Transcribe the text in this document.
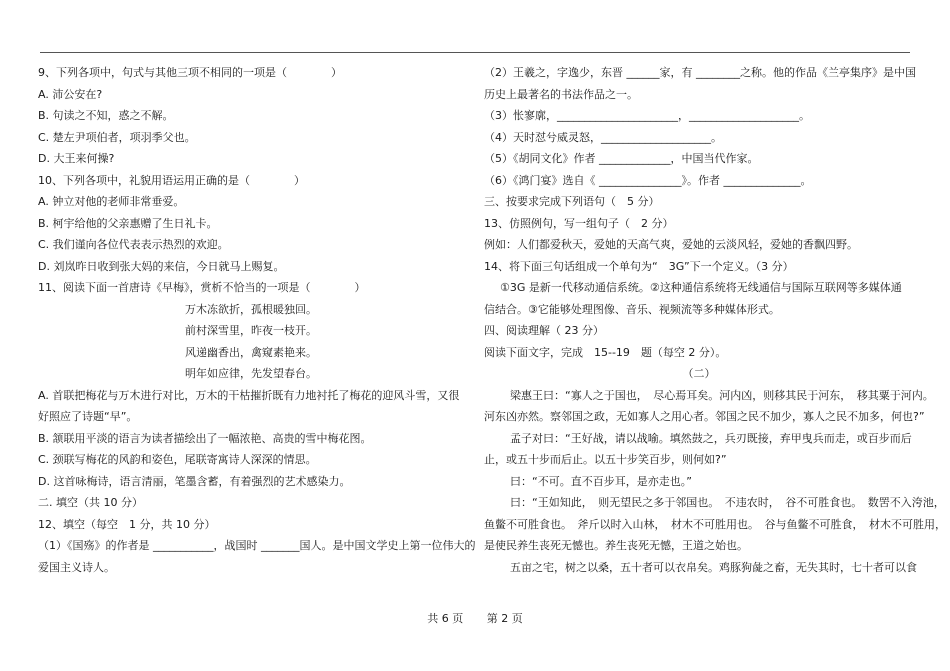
9、下列各项中，句式与其他三项不相同的一项是（　　　　）
A. 沛公安在?
B. 句读之不知，惑之不解。
C. 楚左尹项伯者，项羽季父也。
D. 大王来何操?
10、下列各项中，礼貌用语运用正确的是（　　　　）
A. 钟立对他的老师非常垂爱。
B. 柯宇给他的父亲惠赠了生日礼卡。
C. 我们谨向各位代表表示热烈的欢迎。
D. 刘岚昨日收到张大妈的来信，今日就马上赐复。
11、阅读下面一首唐诗《早梅》，赏析不恰当的一项是（　　　　）
万木冻欲折，孤根暖独回。
前村深雪里，昨夜一枝开。
风递幽香出，禽窥素艳来。
明年如应律，先发望春台。
A. 首联把梅花与万木进行对比，万木的干枯摧折既有力地衬托了梅花的迎风斗雪，又很
好照应了诗题“早”。
B. 颔联用平淡的语言为读者描绘出了一幅浓艳、高贵的雪中梅花图。
C. 颈联写梅花的风韵和姿色，尾联寄寓诗人深深的情思。
D. 这首咏梅诗，语言清丽，笔墨含蓄，有着强烈的艺术感染力。
二. 填空（共 10 分）
12、填空（每空　1 分，共 10 分）
（1）《国殇》的作者是 ___________，战国时 _______国人。是中国文学史上第一位伟大的
爱国主义诗人。
（2）王羲之，字逸少，东晋 ______家，有 ________之称。他的作品《兰亭集序》是中国
历史上最著名的书法作品之一。
（3）怅寥廓，______________________，____________________。
（4）天时怼兮威灵怒，____________________。
（5）《胡同文化》作者 _____________，中国当代作家。
（6）《鸿门宴》选自《 _______________》。作者 ______________。
三、按要求完成下列语句（　5 分）
13、仿照例句，写一组句子（　2 分）
例如：人们都爱秋天，爱她的天高气爽，爱她的云淡风轻，爱她的香飘四野。
14、将下面三句话组成一个单句为“　3G”下一个定义。（3 分）
①3G 是新一代移动通信系统。②这种通信系统将无线通信与国际互联网等多媒体通
信结合。③它能够处理图像、音乐、视频流等多种媒体形式。
四、阅读理解（ 23 分）
阅读下面文字，完成　15--19　题（每空 2 分）。
（二）
梁惠王曰：“寡人之于国也，　尽心焉耳矣。河内凶，则移其民于河东，　移其粟于河内。
河东凶亦然。察邻国之政，无如寡人之用心者。邻国之民不加少，寡人之民不加多，何也?”
孟子对曰：“王好战，请以战喻。填然鼓之，兵刃既接，弃甲曳兵而走，或百步而后
止，或五十步而后止。以五十步笑百步，则何如?”
曰：“不可。直不百步耳，是亦走也。”
曰：“王如知此，　则无望民之多于邻国也。　不违农时，　谷不可胜食也。　数罟不入洿池，
鱼鳖不可胜食也。　斧斤以时入山林，　材木不可胜用也。　谷与鱼鳖不可胜食，　材木不可胜用，
是使民养生丧死无憾也。养生丧死无憾，王道之始也。
五亩之宅，树之以桑，五十者可以衣帛矣。鸡豚狗彘之畜，无失其时，七十者可以食
共 6 页 第 2 页
